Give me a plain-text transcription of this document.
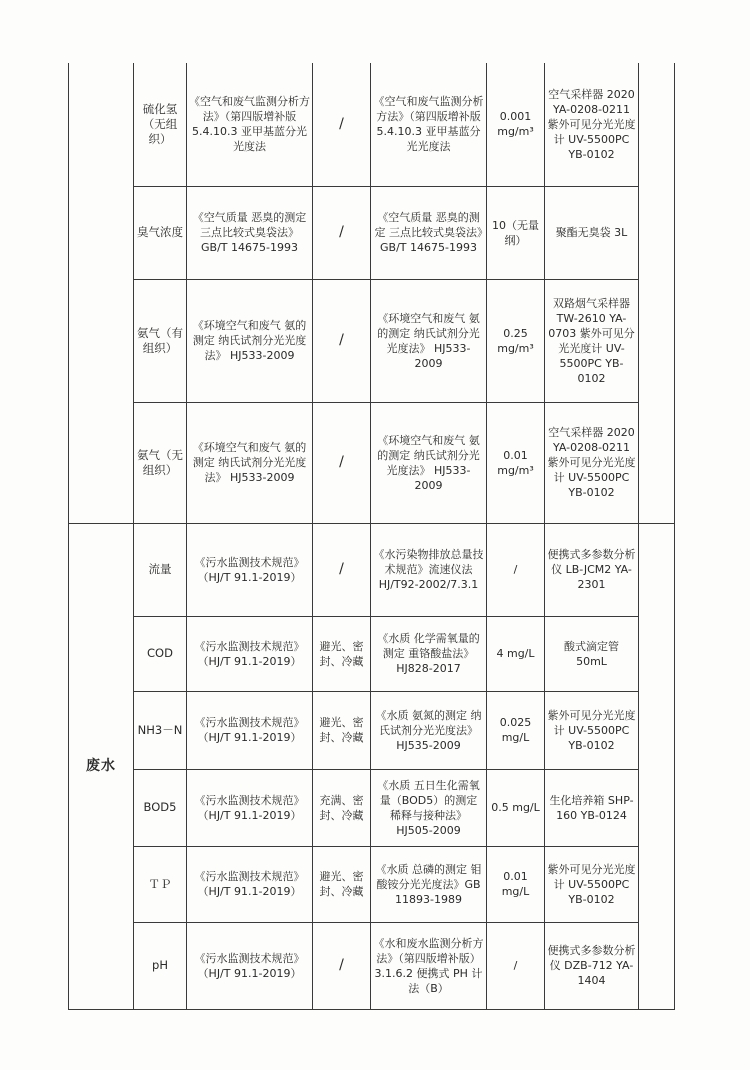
	硫化氢（无组织）	《空气和废气监测分析方法》（第四版增补版 5.4.10.3 亚甲基蓝分光光度法	/	《空气和废气监测分析方法》（第四版增补版 5.4.10.3 亚甲基蓝分光光度法	0.001 mg/m³	空气采样器 2020 YA-0208-0211 紫外可见分光光度计 UV-5500PC YB-0102	
	臭气浓度	《空气质量 恶臭的测定 三点比较式臭袋法》GB/T 14675-1993	/	《空气质量 恶臭的测定 三点比较式臭袋法》GB/T 14675-1993	10（无量纲）	聚酯无臭袋 3L	
	氨气（有组织）	《环境空气和废气 氨的测定 纳氏试剂分光光度法》 HJ533-2009	/	《环境空气和废气 氨的测定 纳氏试剂分光光度法》 HJ533-2009	0.25 mg/m³	双路烟气采样器 TW-2610 YA-0703 紫外可见分光光度计 UV-5500PC YB-0102	
	氨气（无组织）	《环境空气和废气 氨的测定 纳氏试剂分光光度法》 HJ533-2009	/	《环境空气和废气 氨的测定 纳氏试剂分光光度法》 HJ533-2009	0.01 mg/m³	空气采样器 2020 YA-0208-0211 紫外可见分光光度计 UV-5500PC YB-0102	
废水	流量	《污水监测技术规范》（HJ/T 91.1-2019）	/	《水污染物排放总量技术规范》流速仪法 HJ/T92-2002/7.3.1	/	便携式多参数分析仪 LB-JCM2 YA-2301	
	COD	《污水监测技术规范》（HJ/T 91.1-2019）	避光、密封、冷藏	《水质 化学需氧量的测定 重铬酸盐法》 HJ828-2017	4 mg/L	酸式滴定管 50mL	
	NH3－N	《污水监测技术规范》（HJ/T 91.1-2019）	避光、密封、冷藏	《水质 氨氮的测定 纳氏试剂分光光度法》 HJ535-2009	0.025 mg/L	紫外可见分光光度计 UV-5500PC YB-0102	
	BOD5	《污水监测技术规范》（HJ/T 91.1-2019）	充满、密封、冷藏	《水质 五日生化需氧量（BOD5）的测定 稀释与接种法》 HJ505-2009	0.5 mg/L	生化培养箱 SHP-160 YB-0124	
	ＴＰ	《污水监测技术规范》（HJ/T 91.1-2019）	避光、密封、冷藏	《水质 总磷的测定 钼酸铵分光光度法》GB 11893-1989	0.01 mg/L	紫外可见分光光度计 UV-5500PC YB-0102	
	pH	《污水监测技术规范》（HJ/T 91.1-2019）	/	《水和废水监测分析方法》（第四版增补版） 3.1.6.2 便携式 PH 计法（B）	/	便携式多参数分析仪 DZB-712 YA-1404	
